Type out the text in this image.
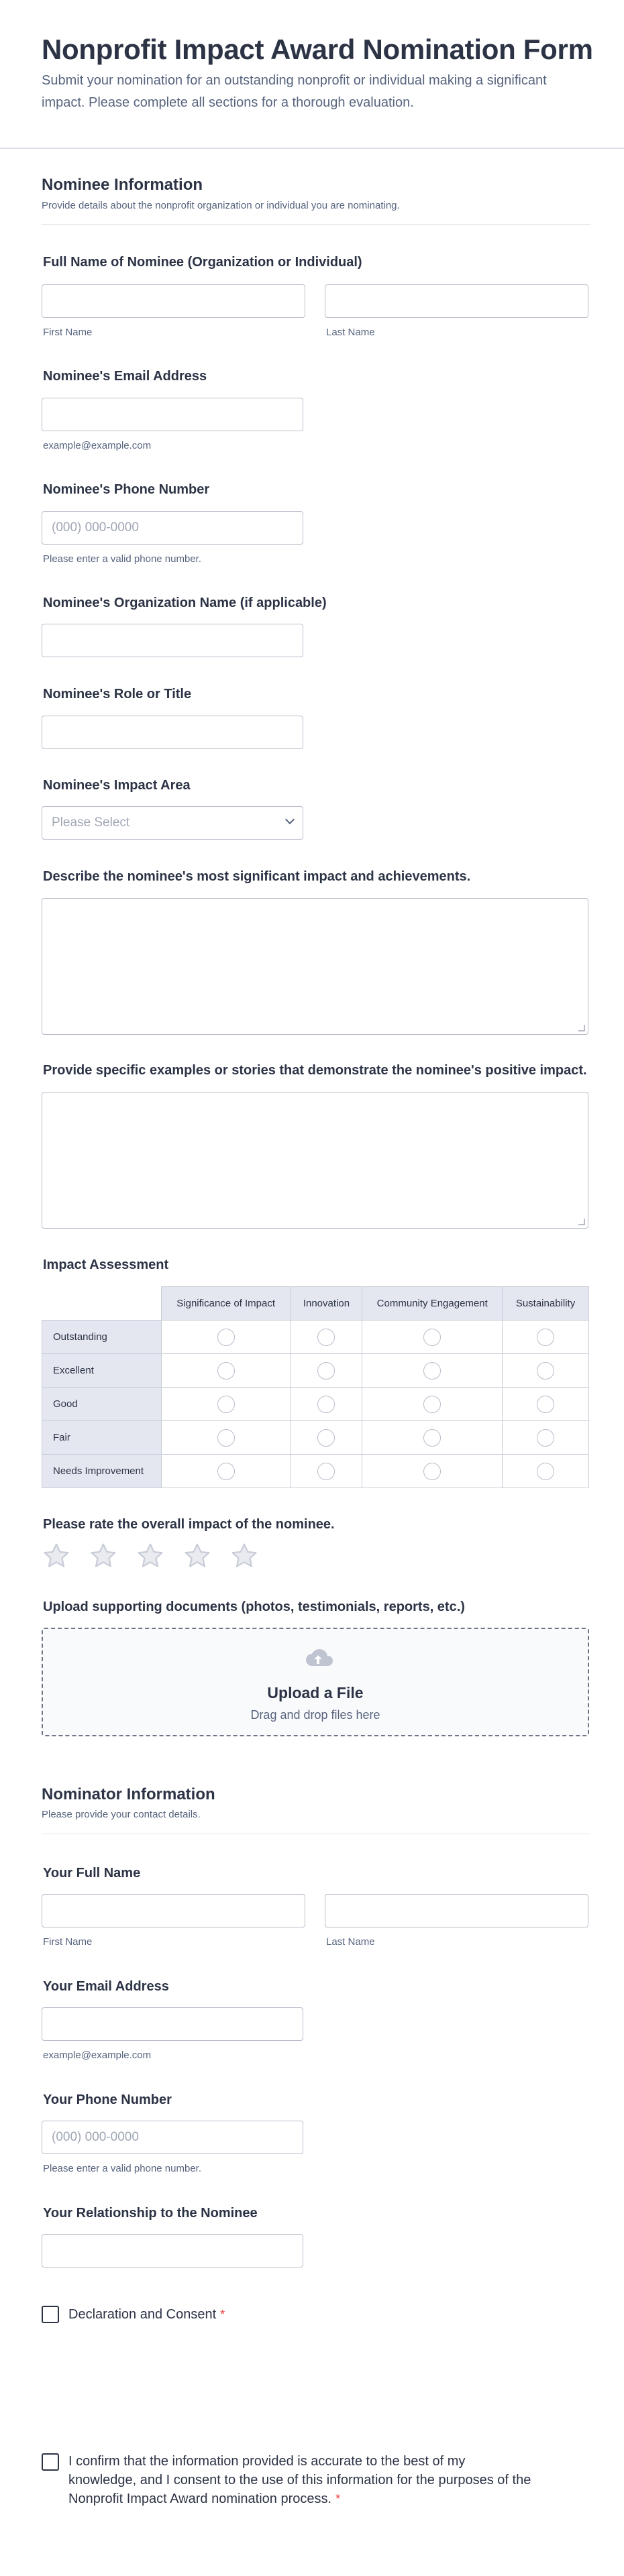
Nonprofit Impact Award Nomination Form
Submit your nomination for an outstanding nonprofit or individual making a significant impact. Please complete all sections for a thorough evaluation.
Nominee Information
Provide details about the nonprofit organization or individual you are nominating.
Full Name of Nominee (Organization or Individual)
First Name	Last Name
Nominee's Email Address
example@example.com
Nominee's Phone Number
(000) 000-0000
Please enter a valid phone number.
Nominee's Organization Name (if applicable)
Nominee's Role or Title
Nominee's Impact Area
Please Select
Describe the nominee's most significant impact and achievements.
Provide specific examples or stories that demonstrate the nominee's positive impact.
Impact Assessment
	Significance of Impact	Innovation	Community Engagement	Sustainability
Outstanding				
Excellent				
Good				
Fair				
Needs Improvement				
Please rate the overall impact of the nominee.
Upload supporting documents (photos, testimonials, reports, etc.)
Upload a File
Drag and drop files here
Nominator Information
Please provide your contact details.
Your Full Name
First Name	Last Name
Your Email Address
example@example.com
Your Phone Number
(000) 000-0000
Please enter a valid phone number.
Your Relationship to the Nominee
Declaration and Consent *
I confirm that the information provided is accurate to the best of my knowledge, and I consent to the use of this information for the purposes of the Nonprofit Impact Award nomination process. *
